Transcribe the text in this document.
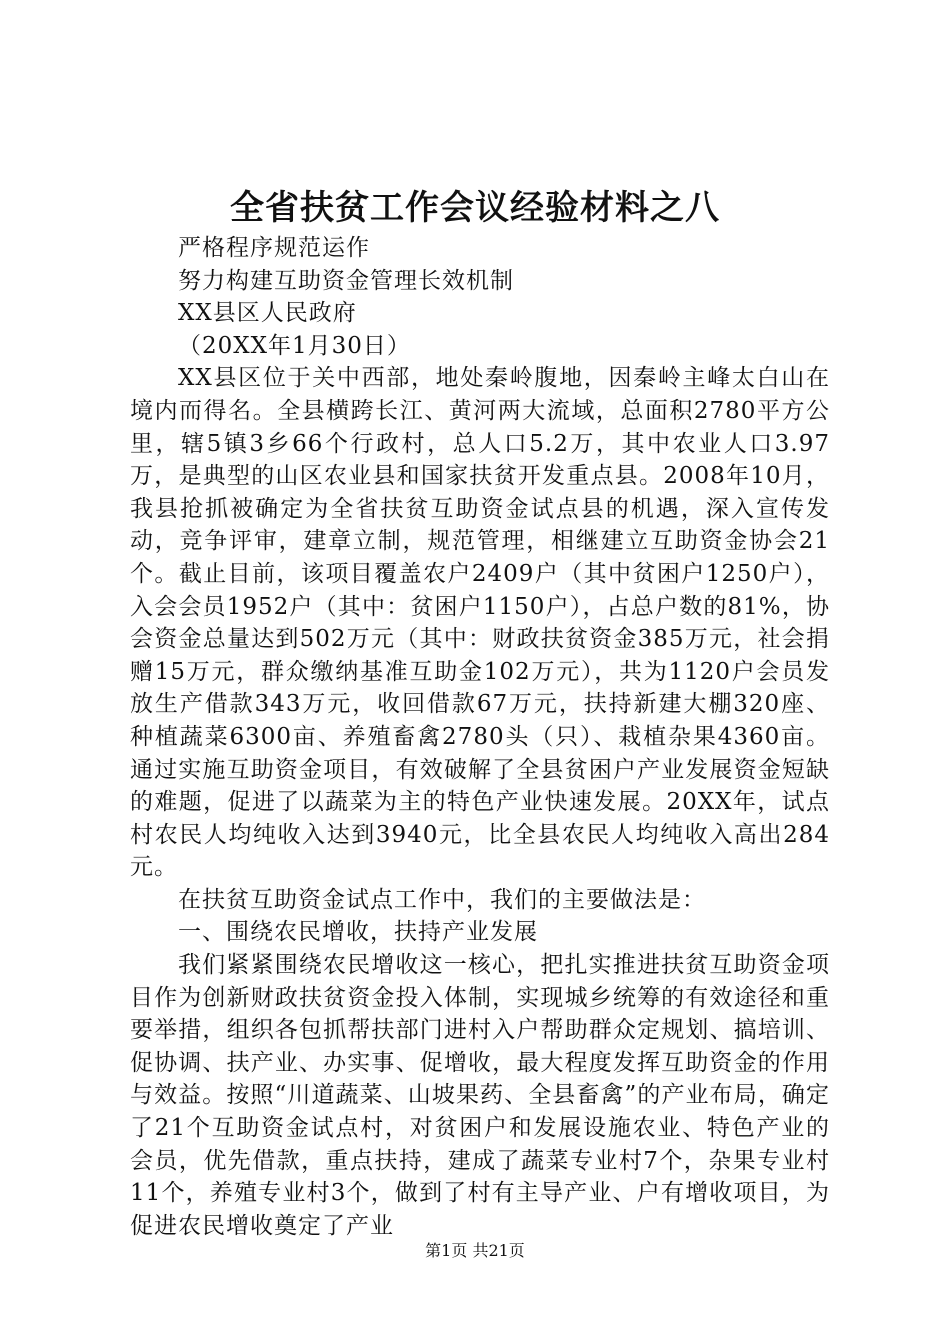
全省扶贫工作会议经验材料之八

严格程序规范运作

努力构建互助资金管理长效机制

XX县区人民政府

（20XX年1月30日）

XX县区位于关中西部，地处秦岭腹地，因秦岭主峰太白山在境内而得名。全县横跨长江、黄河两大流域，总面积2780平方公里，辖5镇3乡66个行政村，总人口5.2万，其中农业人口3.97万，是典型的山区农业县和国家扶贫开发重点县。2008年10月，我县抢抓被确定为全省扶贫互助资金试点县的机遇，深入宣传发动，竞争评审，建章立制，规范管理，相继建立互助资金协会21个。截止目前，该项目覆盖农户2409户（其中贫困户1250户），入会会员1952户（其中：贫困户1150户），占总户数的81%，协会资金总量达到502万元（其中：财政扶贫资金385万元，社会捐赠15万元，群众缴纳基准互助金102万元），共为1120户会员发放生产借款343万元，收回借款67万元，扶持新建大棚320座、种植蔬菜6300亩、养殖畜禽2780头（只）、栽植杂果4360亩。通过实施互助资金项目，有效破解了全县贫困户产业发展资金短缺的难题，促进了以蔬菜为主的特色产业快速发展。20XX年，试点村农民人均纯收入达到3940元，比全县农民人均纯收入高出284元。

在扶贫互助资金试点工作中，我们的主要做法是：

一、围绕农民增收，扶持产业发展

我们紧紧围绕农民增收这一核心，把扎实推进扶贫互助资金项目作为创新财政扶贫资金投入体制，实现城乡统筹的有效途径和重要举措，组织各包抓帮扶部门进村入户帮助群众定规划、搞培训、促协调、扶产业、办实事、促增收，最大程度发挥互助资金的作用与效益。按照“川道蔬菜、山坡果药、全县畜禽”的产业布局，确定了21个互助资金试点村，对贫困户和发展设施农业、特色产业的会员，优先借款，重点扶持，建成了蔬菜专业村7个，杂果专业村11个，养殖专业村3个，做到了村有主导产业、户有增收项目，为促进农民增收奠定了产业

第1页 共21页
